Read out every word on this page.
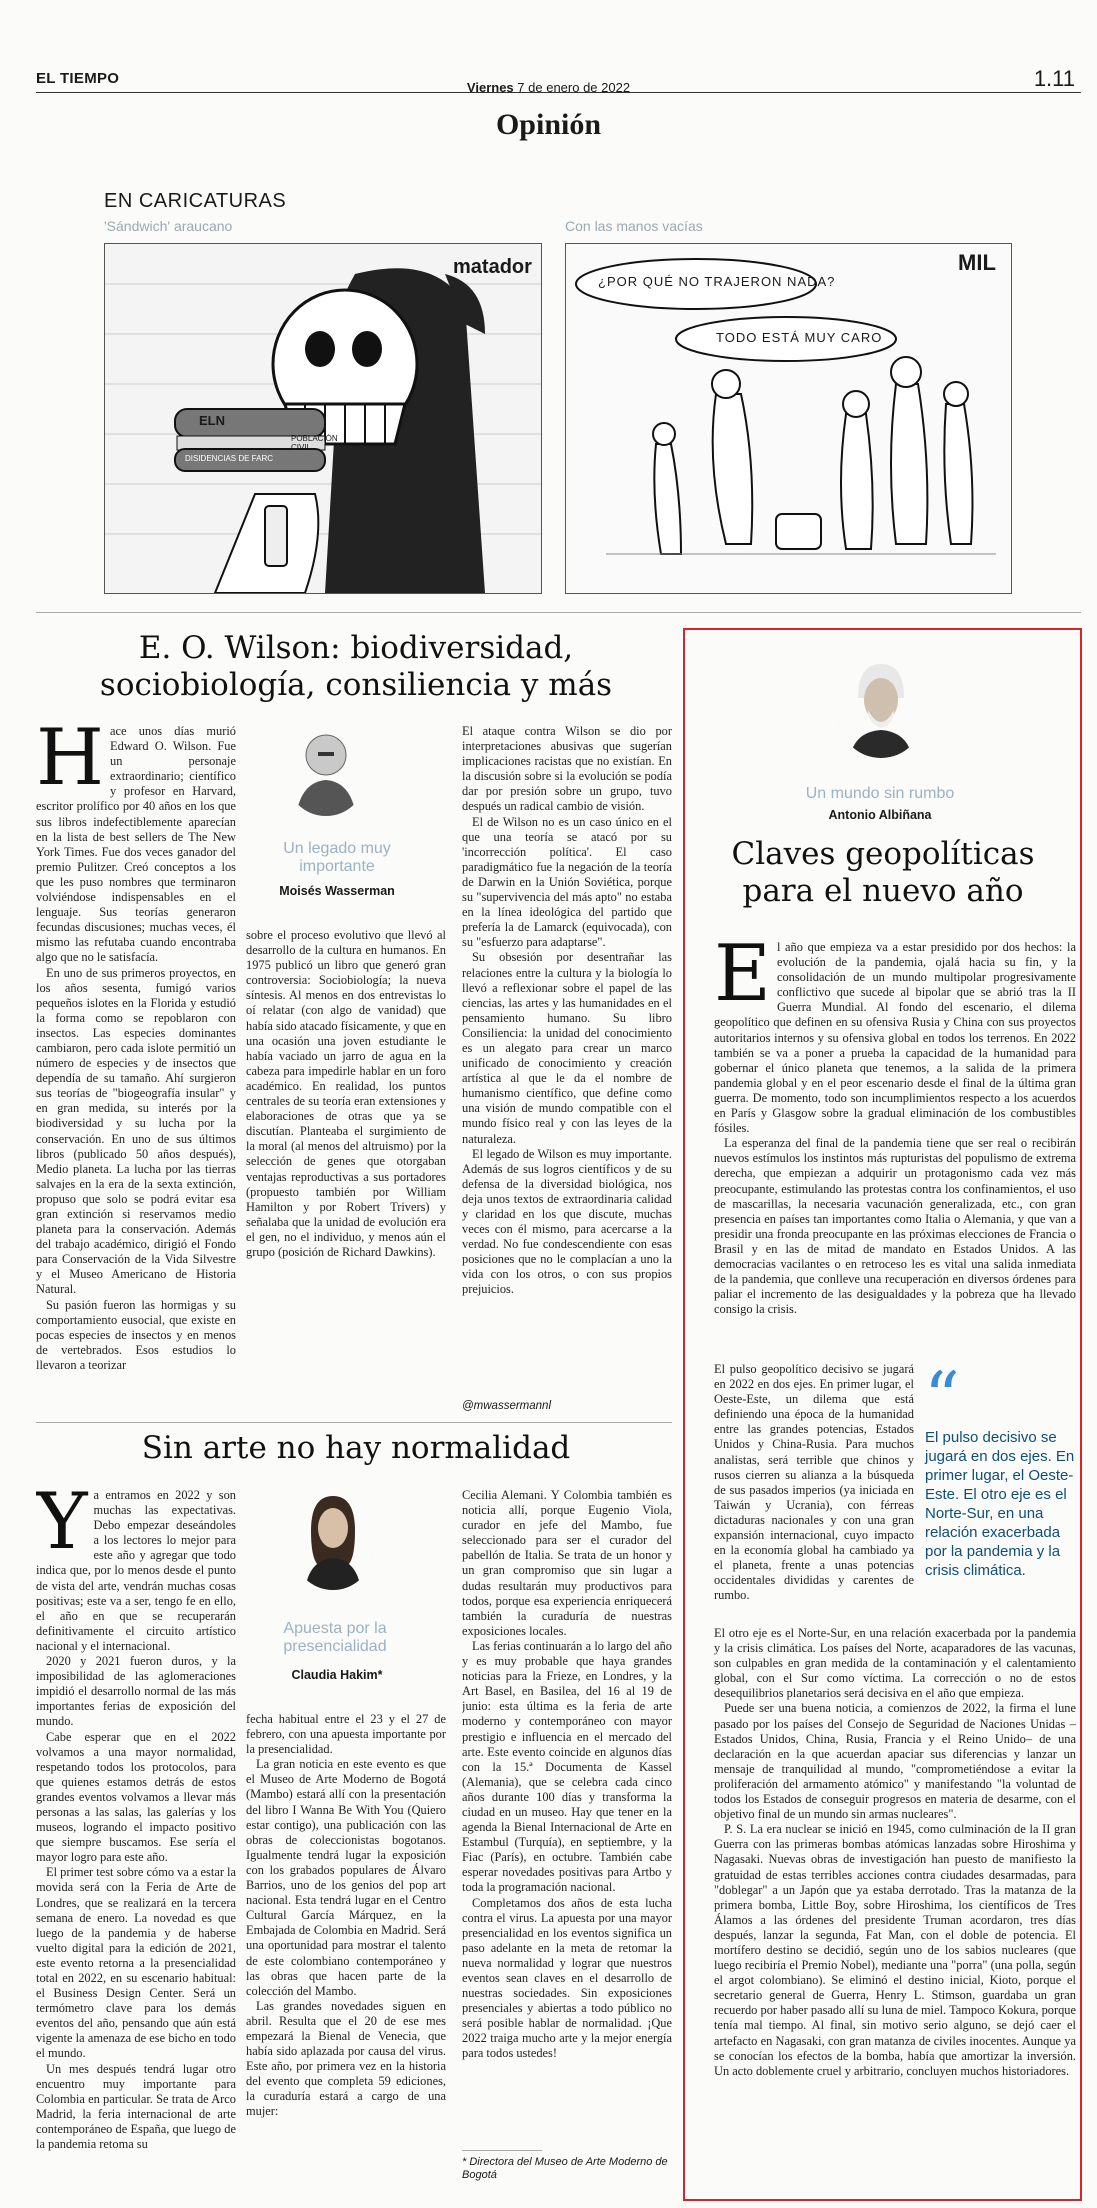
EL TIEMPO
Viernes 7 de enero de 2022	1.11
Opinión
EN CARICATURAS
'Sándwich' araucano	Con las manos vacías
ELN
DISIDENCIAS DE FARC
POBLACIÓN CIVIL
matador
¿POR QUÉ NO TRAJERON NADA?
TODO ESTÁ MUY CARO
MIL
E. O. Wilson: biodiversidad,
sociobiología, consiliencia y más
H ace unos días murió Edward O. Wilson. Fue un personaje extraordinario; científico y profesor en Harvard, escritor prolífico por 40 años en los que sus libros indefectiblemente aparecían en la lista de best sellers de The New York Times. Fue dos veces ganador del premio Pulitzer. Creó conceptos a los que les puso nombres que terminaron volviéndose indispensables en el lenguaje. Sus teorías generaron fecundas discusiones; muchas veces, él mismo las refutaba cuando encontraba algo que no le satisfacía.

En uno de sus primeros proyectos, en los años sesenta, fumigó varios pequeños islotes en la Florida y estudió la forma como se repoblaron con insectos. Las especies dominantes cambiaron, pero cada islote permitió un número de especies y de insectos que dependía de su tamaño. Ahí surgieron sus teorías de "biogeografía insular" y en gran medida, su interés por la biodiversidad y su lucha por la conservación. En uno de sus últimos libros (publicado 50 años después), Medio planeta. La lucha por las tierras salvajes en la era de la sexta extinción, propuso que solo se podrá evitar esa gran extinción si reservamos medio planeta para la conservación. Además del trabajo académico, dirigió el Fondo para Conservación de la Vida Silvestre y el Museo Americano de Historia Natural.

Su pasión fueron las hormigas y su comportamiento eusocial, que existe en pocas especies de insectos y en menos de vertebrados. Esos estudios lo llevaron a teorizar

Un legado muy importante
Moisés Wasserman

sobre el proceso evolutivo que llevó al desarrollo de la cultura en humanos. En 1975 publicó un libro que generó gran controversia: Sociobiología; la nueva síntesis. Al menos en dos entrevistas lo oí relatar (con algo de vanidad) que había sido atacado físicamente, y que en una ocasión una joven estudiante le había vaciado un jarro de agua en la cabeza para impedirle hablar en un foro académico. En realidad, los puntos centrales de su teoría eran extensiones y elaboraciones de otras que ya se discutían. Planteaba el surgimiento de la moral (al menos del altruismo) por la selección de genes que otorgaban ventajas reproductivas a sus portadores (propuesto también por William Hamilton y por Robert Trivers) y señalaba que la unidad de evolución era el gen, no el individuo, y menos aún el grupo (posición de Richard Dawkins).

El ataque contra Wilson se dio por interpretaciones abusivas que sugerían implicaciones racistas que no existían. En la discusión sobre si la evolución se podía dar por presión sobre un grupo, tuvo después un radical cambio de visión.

El de Wilson no es un caso único en el que una teoría se atacó por su 'incorrección política'. El caso paradigmático fue la negación de la teoría de Darwin en la Unión Soviética, porque su "supervivencia del más apto" no estaba en la línea ideológica del partido que prefería la de Lamarck (equivocada), con su "esfuerzo para adaptarse".

Su obsesión por desentrañar las relaciones entre la cultura y la biología lo llevó a reflexionar sobre el papel de las ciencias, las artes y las humanidades en el pensamiento humano. Su libro Consiliencia: la unidad del conocimiento es un alegato para crear un marco unificado de conocimiento y creación artística al que le da el nombre de humanismo científico, que define como una visión de mundo compatible con el mundo físico real y con las leyes de la naturaleza.

El legado de Wilson es muy importante. Además de sus logros científicos y de su defensa de la diversidad biológica, nos deja unos textos de extraordinaria calidad y claridad en los que discute, muchas veces con él mismo, para acercarse a la verdad. No fue condescendiente con esas posiciones que no le complacían a uno la vida con los otros, o con sus propios prejuicios.

@mwassermannl
Sin arte no hay normalidad
Y a entramos en 2022 y son muchas las expectativas. Debo empezar deseándoles a los lectores lo mejor para este año y agregar que todo indica que, por lo menos desde el punto de vista del arte, vendrán muchas cosas positivas; este va a ser, tengo fe en ello, el año en que se recuperarán definitivamente el circuito artístico nacional y el internacional.

2020 y 2021 fueron duros, y la imposibilidad de las aglomeraciones impidió el desarrollo normal de las más importantes ferias de exposición del mundo.

Cabe esperar que en el 2022 volvamos a una mayor normalidad, respetando todos los protocolos, para que quienes estamos detrás de estos grandes eventos volvamos a llevar más personas a las salas, las galerías y los museos, logrando el impacto positivo que siempre buscamos. Ese sería el mayor logro para este año.

El primer test sobre cómo va a estar la movida será con la Feria de Arte de Londres, que se realizará en la tercera semana de enero. La novedad es que luego de la pandemia y de haberse vuelto digital para la edición de 2021, este evento retorna a la presencialidad total en 2022, en su escenario habitual: el Business Design Center. Será un termómetro clave para los demás eventos del año, pensando que aún está vigente la amenaza de ese bicho en todo el mundo.

Un mes después tendrá lugar otro encuentro muy importante para Colombia en particular. Se trata de Arco Madrid, la feria internacional de arte contemporáneo de España, que luego de la pandemia retoma su

Apuesta por la presencialidad
Claudia Hakim*

fecha habitual entre el 23 y el 27 de febrero, con una apuesta importante por la presencialidad.

La gran noticia en este evento es que el Museo de Arte Moderno de Bogotá (Mambo) estará allí con la presentación del libro I Wanna Be With You (Quiero estar contigo), una publicación con las obras de coleccionistas bogotanos. Igualmente tendrá lugar la exposición con los grabados populares de Álvaro Barrios, uno de los genios del pop art nacional. Esta tendrá lugar en el Centro Cultural García Márquez, en la Embajada de Colombia en Madrid. Será una oportunidad para mostrar el talento de este colombiano contemporáneo y las obras que hacen parte de la colección del Mambo.

Las grandes novedades siguen en abril. Resulta que el 20 de ese mes empezará la Bienal de Venecia, que había sido aplazada por causa del virus. Este año, por primera vez en la historia del evento que completa 59 ediciones, la curaduría estará a cargo de una mujer:

Cecilia Alemani. Y Colombia también es noticia allí, porque Eugenio Viola, curador en jefe del Mambo, fue seleccionado para ser el curador del pabellón de Italia. Se trata de un honor y un gran compromiso que sin lugar a dudas resultarán muy productivos para todos, porque esa experiencia enriquecerá también la curaduría de nuestras exposiciones locales.

Las ferias continuarán a lo largo del año y es muy probable que haya grandes noticias para la Frieze, en Londres, y la Art Basel, en Basilea, del 16 al 19 de junio: esta última es la feria de arte moderno y contemporáneo con mayor prestigio e influencia en el mercado del arte. Este evento coincide en algunos días con la 15.ª Documenta de Kassel (Alemania), que se celebra cada cinco años durante 100 días y transforma la ciudad en un museo. Hay que tener en la agenda la Bienal Internacional de Arte en Estambul (Turquía), en septiembre, y la Fiac (París), en octubre. También cabe esperar novedades positivas para Artbo y toda la programación nacional.

Completamos dos años de esta lucha contra el virus. La apuesta por una mayor presencialidad en los eventos significa un paso adelante en la meta de retomar la nueva normalidad y lograr que nuestros eventos sean claves en el desarrollo de nuestras sociedades. Sin exposiciones presenciales y abiertas a todo público no será posible hablar de normalidad. ¡Que 2022 traiga mucho arte y la mejor energía para todos ustedes!

* Directora del Museo de Arte Moderno de Bogotá
Un mundo sin rumbo
Antonio Albiñana
Claves geopolíticas
para el nuevo año
E l año que empieza va a estar presidido por dos hechos: la evolución de la pandemia, ojalá hacia su fin, y la consolidación de un mundo multipolar progresivamente conflictivo que sucede al bipolar que se abrió tras la II Guerra Mundial. Al fondo del escenario, el dilema geopolítico que definen en su ofensiva Rusia y China con sus proyectos autoritarios internos y su ofensiva global en todos los terrenos. En 2022 también se va a poner a prueba la capacidad de la humanidad para gobernar el único planeta que tenemos, a la salida de la primera pandemia global y en el peor escenario desde el final de la última gran guerra. De momento, todo son incumplimientos respecto a los acuerdos en París y Glasgow sobre la gradual eliminación de los combustibles fósiles.

La esperanza del final de la pandemia tiene que ser real o recibirán nuevos estímulos los instintos más rupturistas del populismo de extrema derecha, que empiezan a adquirir un protagonismo cada vez más preocupante, estimulando las protestas contra los confinamientos, el uso de mascarillas, la necesaria vacunación generalizada, etc., con gran presencia en países tan importantes como Italia o Alemania, y que van a presidir una fronda preocupante en las próximas elecciones de Francia o Brasil y en las de mitad de mandato en Estados Unidos. A las democracias vacilantes o en retroceso les es vital una salida inmediata de la pandemia, que conlleve una recuperación en diversos órdenes para paliar el incremento de las desigualdades y la pobreza que ha llevado consigo la crisis.

El pulso geopolítico decisivo se jugará en 2022 en dos ejes. En primer lugar, el Oeste-Este, un dilema que está definiendo una época de la humanidad entre las grandes potencias, Estados Unidos y China-Rusia. Para muchos analistas, será terrible que chinos y rusos cierren su alianza a la búsqueda de sus pasados imperios (ya iniciada en Taiwán y Ucrania), con férreas dictaduras nacionales y con una gran expansión internacional, cuyo impacto en la economía global ha cambiado ya el planeta, frente a unas potencias occidentales divididas y carentes de rumbo.

“
El pulso decisivo se jugará en dos ejes. En primer lugar, el Oeste-Este. El otro eje es el Norte-Sur, en una relación exacerbada por la pandemia y la crisis climática.

El otro eje es el Norte-Sur, en una relación exacerbada por la pandemia y la crisis climática. Los países del Norte, acaparadores de las vacunas, son culpables en gran medida de la contaminación y el calentamiento global, con el Sur como víctima. La corrección o no de estos desequilibrios planetarios será decisiva en el año que empieza.

Puede ser una buena noticia, a comienzos de 2022, la firma el lune pasado por los países del Consejo de Seguridad de Naciones Unidas –Estados Unidos, China, Rusia, Francia y el Reino Unido– de una declaración en la que acuerdan apaciar sus diferencias y lanzar un mensaje de tranquilidad al mundo, "comprometiéndose a evitar la proliferación del armamento atómico" y manifestando "la voluntad de todos los Estados de conseguir progresos en materia de desarme, con el objetivo final de un mundo sin armas nucleares".

P. S. La era nuclear se inició en 1945, como culminación de la II gran Guerra con las primeras bombas atómicas lanzadas sobre Hiroshima y Nagasaki. Nuevas obras de investigación han puesto de manifiesto la gratuidad de estas terribles acciones contra ciudades desarmadas, para "doblegar" a un Japón que ya estaba derrotado. Tras la matanza de la primera bomba, Little Boy, sobre Hiroshima, los científicos de Tres Álamos a las órdenes del presidente Truman acordaron, tres días después, lanzar la segunda, Fat Man, con el doble de potencia. El mortífero destino se decidió, según uno de los sabios nucleares (que luego recibiría el Premio Nobel), mediante una "porra" (una polla, según el argot colombiano). Se eliminó el destino inicial, Kioto, porque el secretario general de Guerra, Henry L. Stimson, guardaba un gran recuerdo por haber pasado allí su luna de miel. Tampoco Kokura, porque tenía mal tiempo. Al final, sin motivo serio alguno, se dejó caer el artefacto en Nagasaki, con gran matanza de civiles inocentes. Aunque ya se conocían los efectos de la bomba, había que amortizar la inversión. Un acto doblemente cruel y arbitrario, concluyen muchos historiadores.
